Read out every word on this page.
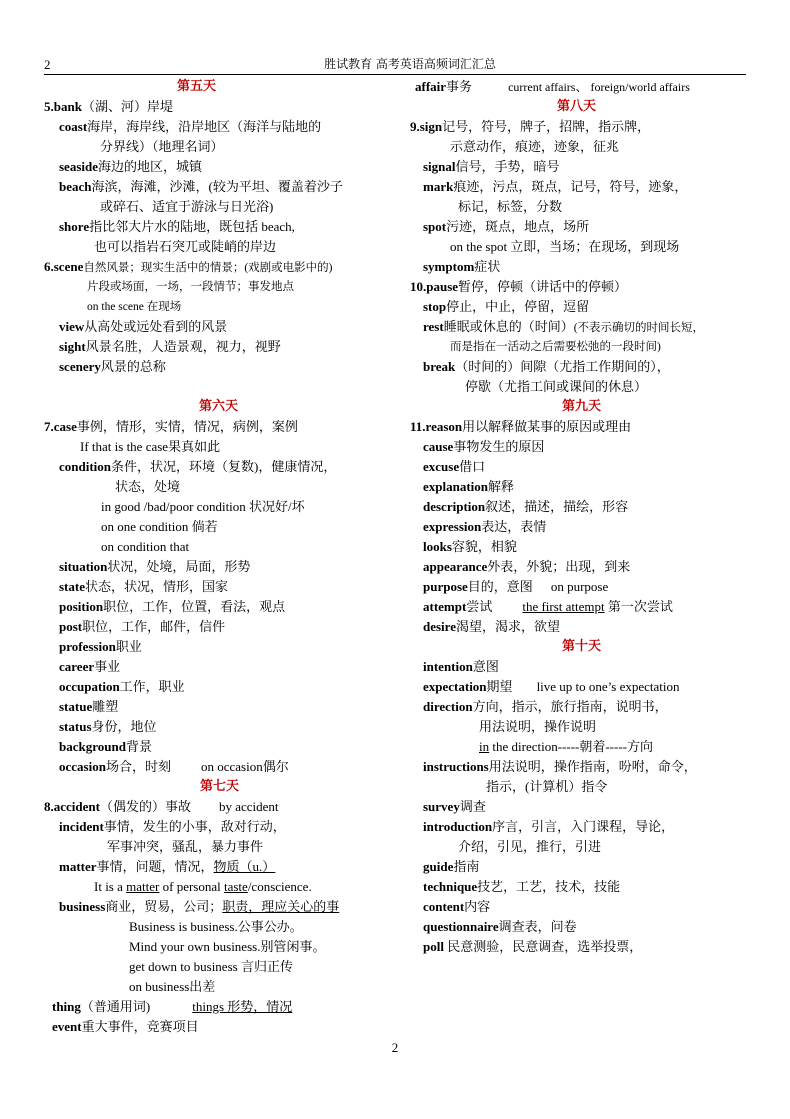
2	胜试教育 高考英语高频词汇汇总
第五天
5.bank（湖、河）岸堤
coast海岸，海岸线，沿岸地区（海洋与陆地的
分界线）（地理名词）
seaside海边的地区，城镇
beach海滨，海滩，沙滩，(较为平坦、覆盖着沙子
或碎石、适宜于游泳与日光浴)
shore指比邻大片水的陆地，既包括 beach,
也可以指岩石突兀或陡峭的岸边
6.scene自然风景；现实生活中的情景；(戏剧或电影中的)
片段或场面，一场，一段情节；事发地点
on the scene 在现场
view从高处或远处看到的风景
sight风景名胜，人造景观，视力，视野
scenery风景的总称
第六天
7.case事例，情形，实情，情况，病例，案例
If that is the case果真如此
condition条件，状况，环境（复数)，健康情况，
状态，处境
in good /bad/poor condition 状况好/坏
on one condition 倘若
on condition that
situation状况，处境，局面，形势
state状态，状况，情形，国家
position职位，工作，位置，看法，观点
post职位，工作，邮件，信件
profession职业
career事业
occupation工作，职业
statue雕塑
status身份，地位
background背景
occasion场合，时刻 on occasion偶尔
第七天
8.accident（偶发的）事故 by accident
incident事情，发生的小事，敌对行动，
军事冲突，骚乱，暴力事件
matter事情，问题，情况，物质（u.）
It is a matter of personal taste/conscience.
business商业，贸易，公司；职责，理应关心的事
Business is business.公事公办。
Mind your own business.别管闲事。
get down to business 言归正传
on business出差
thing（普通用词)	things 形势，情况
event重大事件，竞赛项目
affair事务	current affairs、 foreign/world affairs
第八天
9.sign记号，符号，牌子，招牌，指示牌，
示意动作，痕迹，迹象，征兆
signal信号，手势，暗号
mark痕迹，污点，斑点，记号，符号，迹象，
标记，标签，分数
spot污迹，斑点，地点，场所
on the spot 立即，当场；在现场，到现场
symptom症状
10.pause暂停，停顿（讲话中的停顿）
stop停止，中止，停留，逗留
rest睡眠或休息的（时间）(不表示确切的时间长短，
而是指在一活动之后需要松弛的一段时间)
break（时间的）间隙（尤指工作期间的），
停歇（尤指工间或课间的休息）
第九天
11.reason用以解释做某事的原因或理由
cause事物发生的原因
excuse借口
explanation解释
description叙述，描述，描绘，形容
expression表达，表情
looks容貌，相貌
appearance外表，外貌；出现，到来
purpose目的，意图 on purpose
attempt尝试 the first attempt 第一次尝试
desire渴望，渴求，欲望
第十天
intention意图
expectation期望 live up to one’s expectation
direction方向，指示，旅行指南，说明书，
用法说明，操作说明
in the direction-----朝着-----方向
instructions用法说明，操作指南，吩咐，命令，
指示，(计算机）指令
survey调查
introduction序言，引言，入门课程，导论，
介绍，引见，推行，引进
guide指南
technique技艺，工艺，技术，技能
content内容
questionnaire调查表，问卷
poll 民意测验，民意调查，选举投票，
2
